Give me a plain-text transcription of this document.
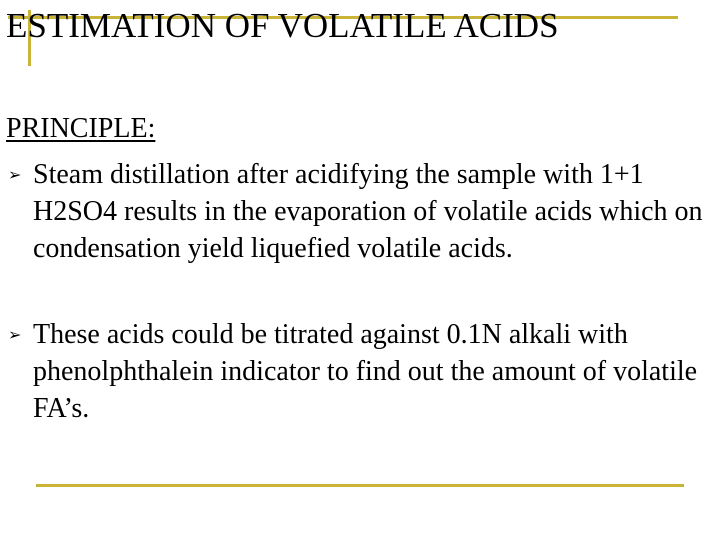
ESTIMATION OF VOLATILE ACIDS
PRINCIPLE:
➢ Steam distillation after acidifying the sample with 1+1 H2SO4 results in the evaporation of volatile acids which on condensation yield liquefied volatile acids.
➢ These acids could be titrated against 0.1N alkali with phenolphthalein indicator to find out the amount of volatile FA’s.
